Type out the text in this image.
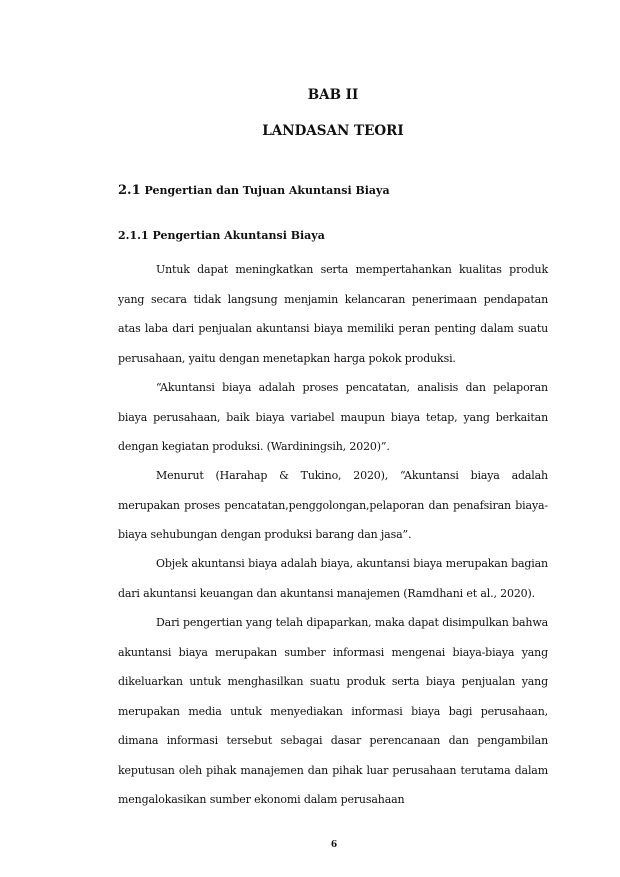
BAB II
LANDASAN TEORI
2.1 Pengertian dan Tujuan Akuntansi Biaya
2.1.1 Pengertian Akuntansi Biaya

Untuk dapat meningkatkan serta mempertahankan kualitas produk yang secara tidak langsung menjamin kelancaran penerimaan pendapatan atas laba dari penjualan akuntansi biaya memiliki peran penting dalam suatu perusahaan, yaitu dengan menetapkan harga pokok produksi.

“Akuntansi biaya adalah proses pencatatan, analisis dan pelaporan biaya perusahaan, baik biaya variabel maupun biaya tetap, yang berkaitan dengan kegiatan produksi. (Wardiningsih, 2020)”.

Menurut (Harahap & Tukino, 2020), “Akuntansi biaya adalah merupakan proses pencatatan,penggolongan,pelaporan dan penafsiran biaya-biaya sehubungan dengan produksi barang dan jasa”.

Objek akuntansi biaya adalah biaya, akuntansi biaya merupakan bagian dari akuntansi keuangan dan akuntansi manajemen (Ramdhani et al., 2020).

Dari pengertian yang telah dipaparkan, maka dapat disimpulkan bahwa akuntansi biaya merupakan sumber informasi mengenai biaya-biaya yang dikeluarkan untuk menghasilkan suatu produk serta biaya penjualan yang merupakan media untuk menyediakan informasi biaya bagi perusahaan, dimana informasi tersebut sebagai dasar perencanaan dan pengambilan keputusan oleh pihak manajemen dan pihak luar perusahaan terutama dalam mengalokasikan sumber ekonomi dalam perusahaan

6
